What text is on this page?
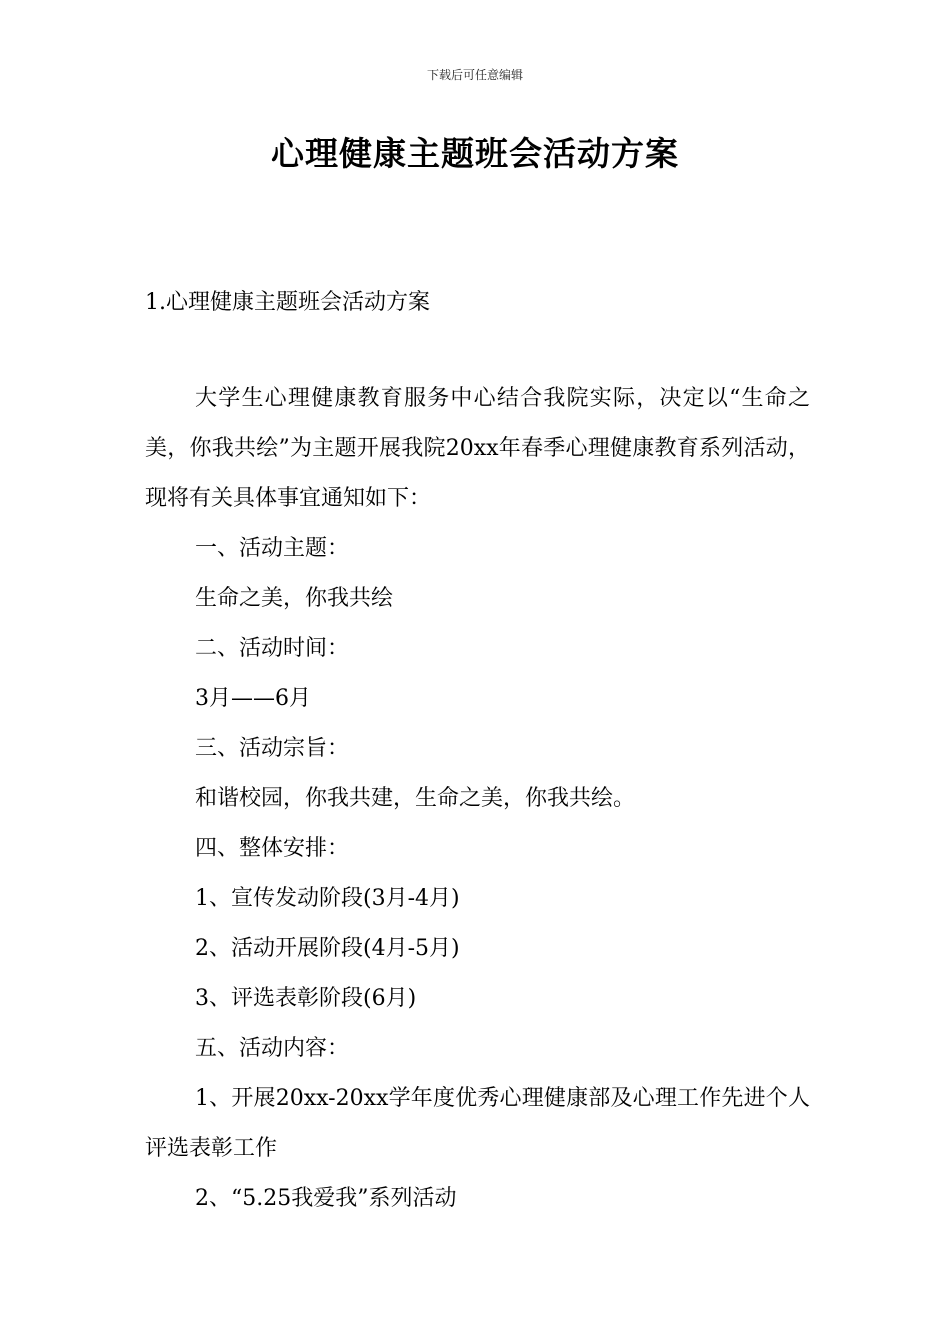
下载后可任意编辑
心理健康主题班会活动方案
1.心理健康主题班会活动方案
大学生心理健康教育服务中心结合我院实际，决定以“生命之美，你我共绘”为主题开展我院20xx年春季心理健康教育系列活动，现将有关具体事宜通知如下：
一、活动主题：
生命之美，你我共绘
二、活动时间：
3月——6月
三、活动宗旨：
和谐校园，你我共建，生命之美，你我共绘。
四、整体安排：
1、宣传发动阶段(3月-4月)
2、活动开展阶段(4月-5月)
3、评选表彰阶段(6月)
五、活动内容：
1、开展20xx-20xx学年度优秀心理健康部及心理工作先进个人评选表彰工作
2、“5.25我爱我”系列活动
